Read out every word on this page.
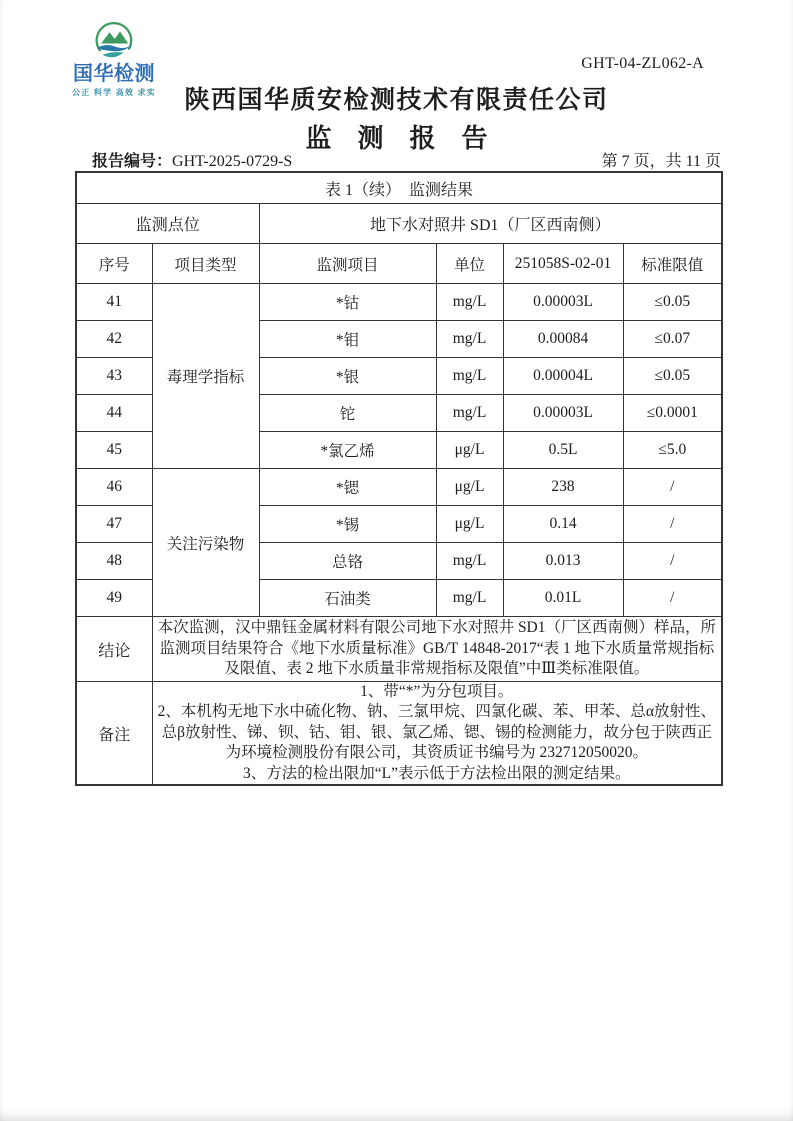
国华检测
公正 科学 高效 求实
GHT-04-ZL062-A
陕西国华质安检测技术有限责任公司
监　测　报　告
报告编号：GHT-2025-0729-S	第 7 页，共 11 页
表 1（续）　监测结果					
监测点位		地下水对照井 SD1（厂区西南侧）			
序号	项目类型	监测项目	单位	251058S-02-01	标准限值
41	毒理学指标	*钴	mg/L	0.00003L	≤0.05
42		*钼	mg/L	0.00084	≤0.07
43		*银	mg/L	0.00004L	≤0.05
44		铊	mg/L	0.00003L	≤0.0001
45		*氯乙烯	μg/L	0.5L	≤5.0
46	关注污染物	*锶	μg/L	238	/
47		*锡	μg/L	0.14	/
48		总铬	mg/L	0.013	/
49		石油类	mg/L	0.01L	/
结论	本次监测，汉中鼎钰金属材料有限公司地下水对照井 SD1（厂区西南侧）样品，所监测项目结果符合《地下水质量标准》GB/T 14848-2017“表 1 地下水质量常规指标及限值、表 2 地下水质量非常规指标及限值”中Ⅲ类标准限值。				
备注	1、带“*”为分包项目。
2、本机构无地下水中硫化物、钠、三氯甲烷、四氯化碳、苯、甲苯、总α放射性、总β放射性、锑、钡、钴、钼、银、氯乙烯、锶、锡的检测能力，故分包于陕西正为环境检测股份有限公司，其资质证书编号为 232712050020。
3、方法的检出限加“L”表示低于方法检出限的测定结果。				
